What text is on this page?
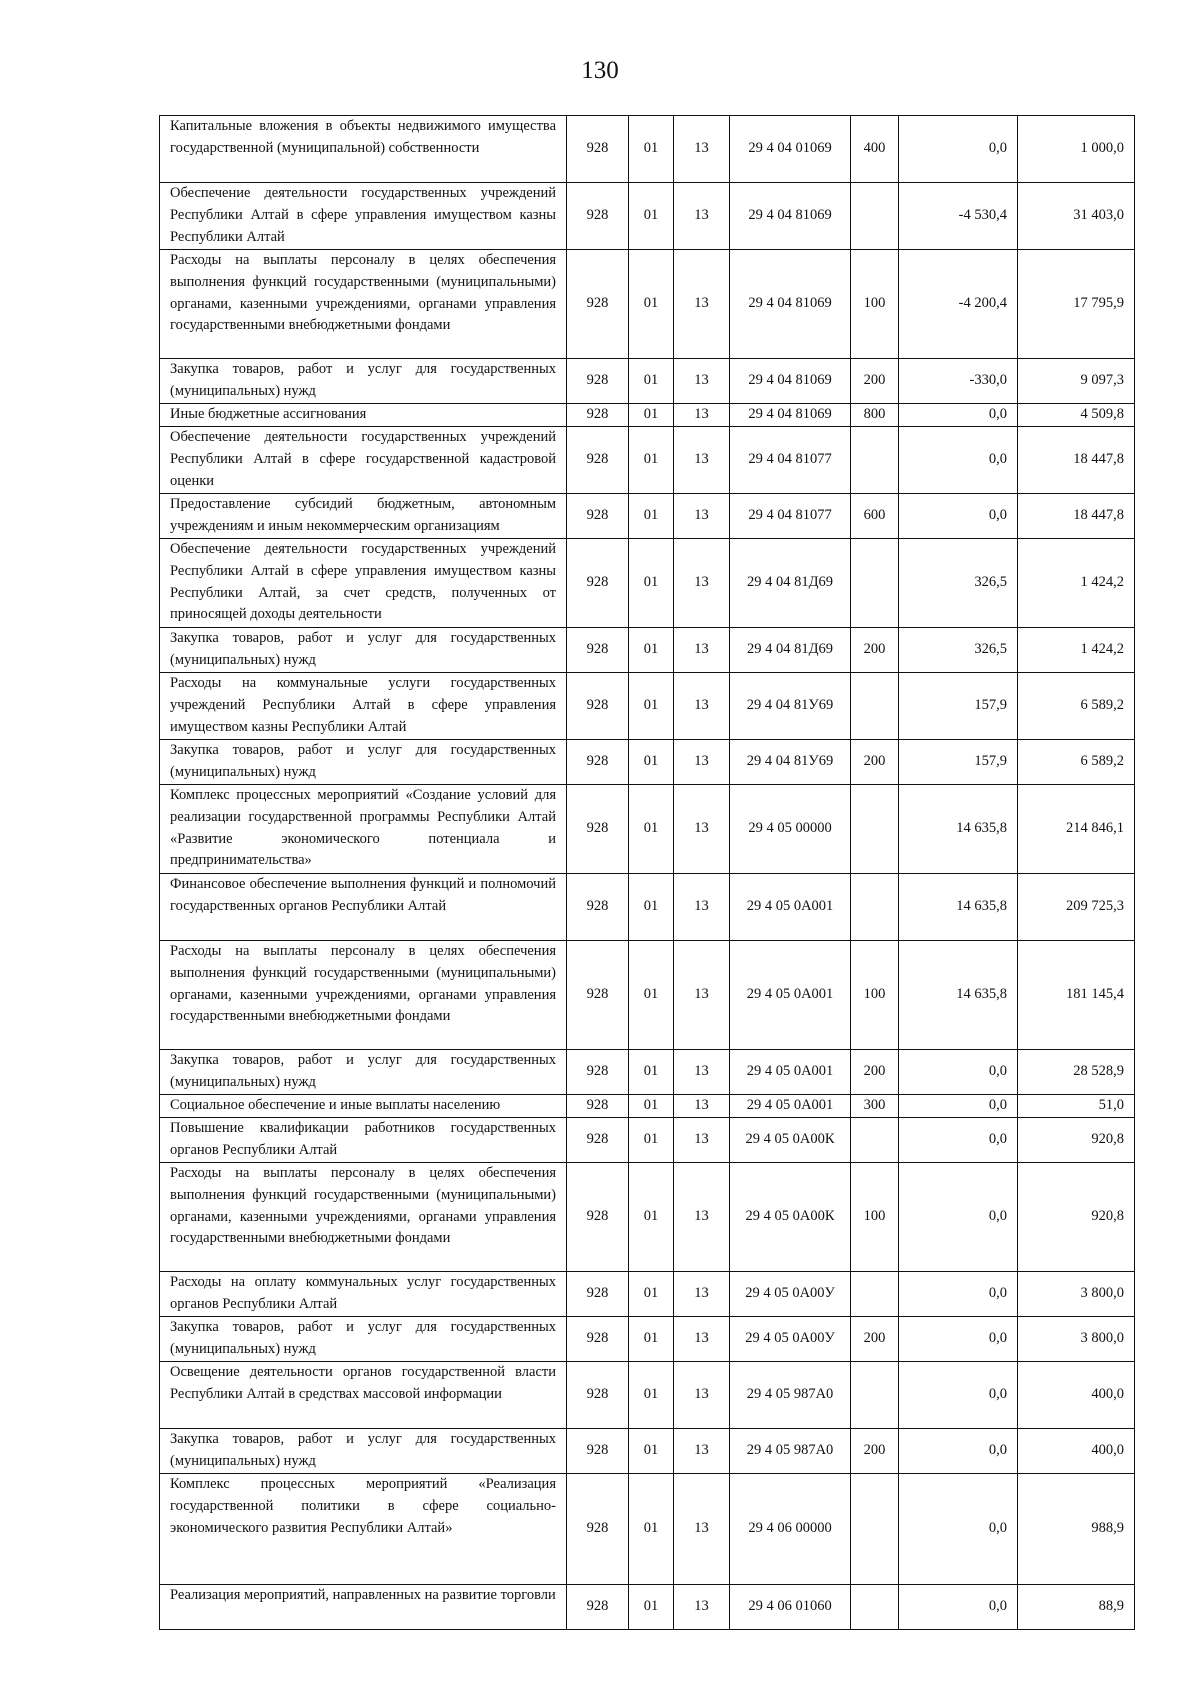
130
Капитальные вложения в объекты недвижимого имущества государственной (муниципальной) собственности	928	01	13	29 4 04 01069	400	0,0	1 000,0
Обеспечение деятельности государственных учреждений Республики Алтай в сфере управления имуществом казны Республики Алтай	928	01	13	29 4 04 81069		-4 530,4	31 403,0
Расходы на выплаты персоналу в целях обеспечения выполнения функций государственными (муниципальными) органами, казенными учреждениями, органами управления государственными внебюджетными фондами	928	01	13	29 4 04 81069	100	-4 200,4	17 795,9
Закупка товаров, работ и услуг для государственных (муниципальных) нужд	928	01	13	29 4 04 81069	200	-330,0	9 097,3
Иные бюджетные ассигнования	928	01	13	29 4 04 81069	800	0,0	4 509,8
Обеспечение деятельности государственных учреждений Республики Алтай в сфере государственной кадастровой оценки	928	01	13	29 4 04 81077		0,0	18 447,8
Предоставление субсидий бюджетным, автономным учреждениям и иным некоммерческим организациям	928	01	13	29 4 04 81077	600	0,0	18 447,8
Обеспечение деятельности государственных учреждений Республики Алтай в сфере управления имуществом казны Республики Алтай, за счет средств, полученных от приносящей доходы деятельности	928	01	13	29 4 04 81Д69		326,5	1 424,2
Закупка товаров, работ и услуг для государственных (муниципальных) нужд	928	01	13	29 4 04 81Д69	200	326,5	1 424,2
Расходы на коммунальные услуги государственных учреждений Республики Алтай в сфере управления имуществом казны Республики Алтай	928	01	13	29 4 04 81У69		157,9	6 589,2
Закупка товаров, работ и услуг для государственных (муниципальных) нужд	928	01	13	29 4 04 81У69	200	157,9	6 589,2
Комплекс процессных мероприятий «Создание условий для реализации государственной программы Республики Алтай «Развитие экономического потенциала и предпринимательства»	928	01	13	29 4 05 00000		14 635,8	214 846,1
Финансовое обеспечение выполнения функций и полномочий государственных органов Республики Алтай	928	01	13	29 4 05 0А001		14 635,8	209 725,3
Расходы на выплаты персоналу в целях обеспечения выполнения функций государственными (муниципальными) органами, казенными учреждениями, органами управления государственными внебюджетными фондами	928	01	13	29 4 05 0А001	100	14 635,8	181 145,4
Закупка товаров, работ и услуг для государственных (муниципальных) нужд	928	01	13	29 4 05 0А001	200	0,0	28 528,9
Социальное обеспечение и иные выплаты населению	928	01	13	29 4 05 0А001	300	0,0	51,0
Повышение квалификации работников государственных органов Республики Алтай	928	01	13	29 4 05 0А00К		0,0	920,8
Расходы на выплаты персоналу в целях обеспечения выполнения функций государственными (муниципальными) органами, казенными учреждениями, органами управления государственными внебюджетными фондами	928	01	13	29 4 05 0А00К	100	0,0	920,8
Расходы на оплату коммунальных услуг государственных органов Республики Алтай	928	01	13	29 4 05 0А00У		0,0	3 800,0
Закупка товаров, работ и услуг для государственных (муниципальных) нужд	928	01	13	29 4 05 0А00У	200	0,0	3 800,0
Освещение деятельности органов государственной власти Республики Алтай в средствах массовой информации	928	01	13	29 4 05 987А0		0,0	400,0
Закупка товаров, работ и услуг для государственных (муниципальных) нужд	928	01	13	29 4 05 987А0	200	0,0	400,0
Комплекс процессных мероприятий «Реализация государственной политики в сфере социально-экономического развития Республики Алтай»	928	01	13	29 4 06 00000		0,0	988,9
Реализация мероприятий, направленных на развитие торговли	928	01	13	29 4 06 01060		0,0	88,9
